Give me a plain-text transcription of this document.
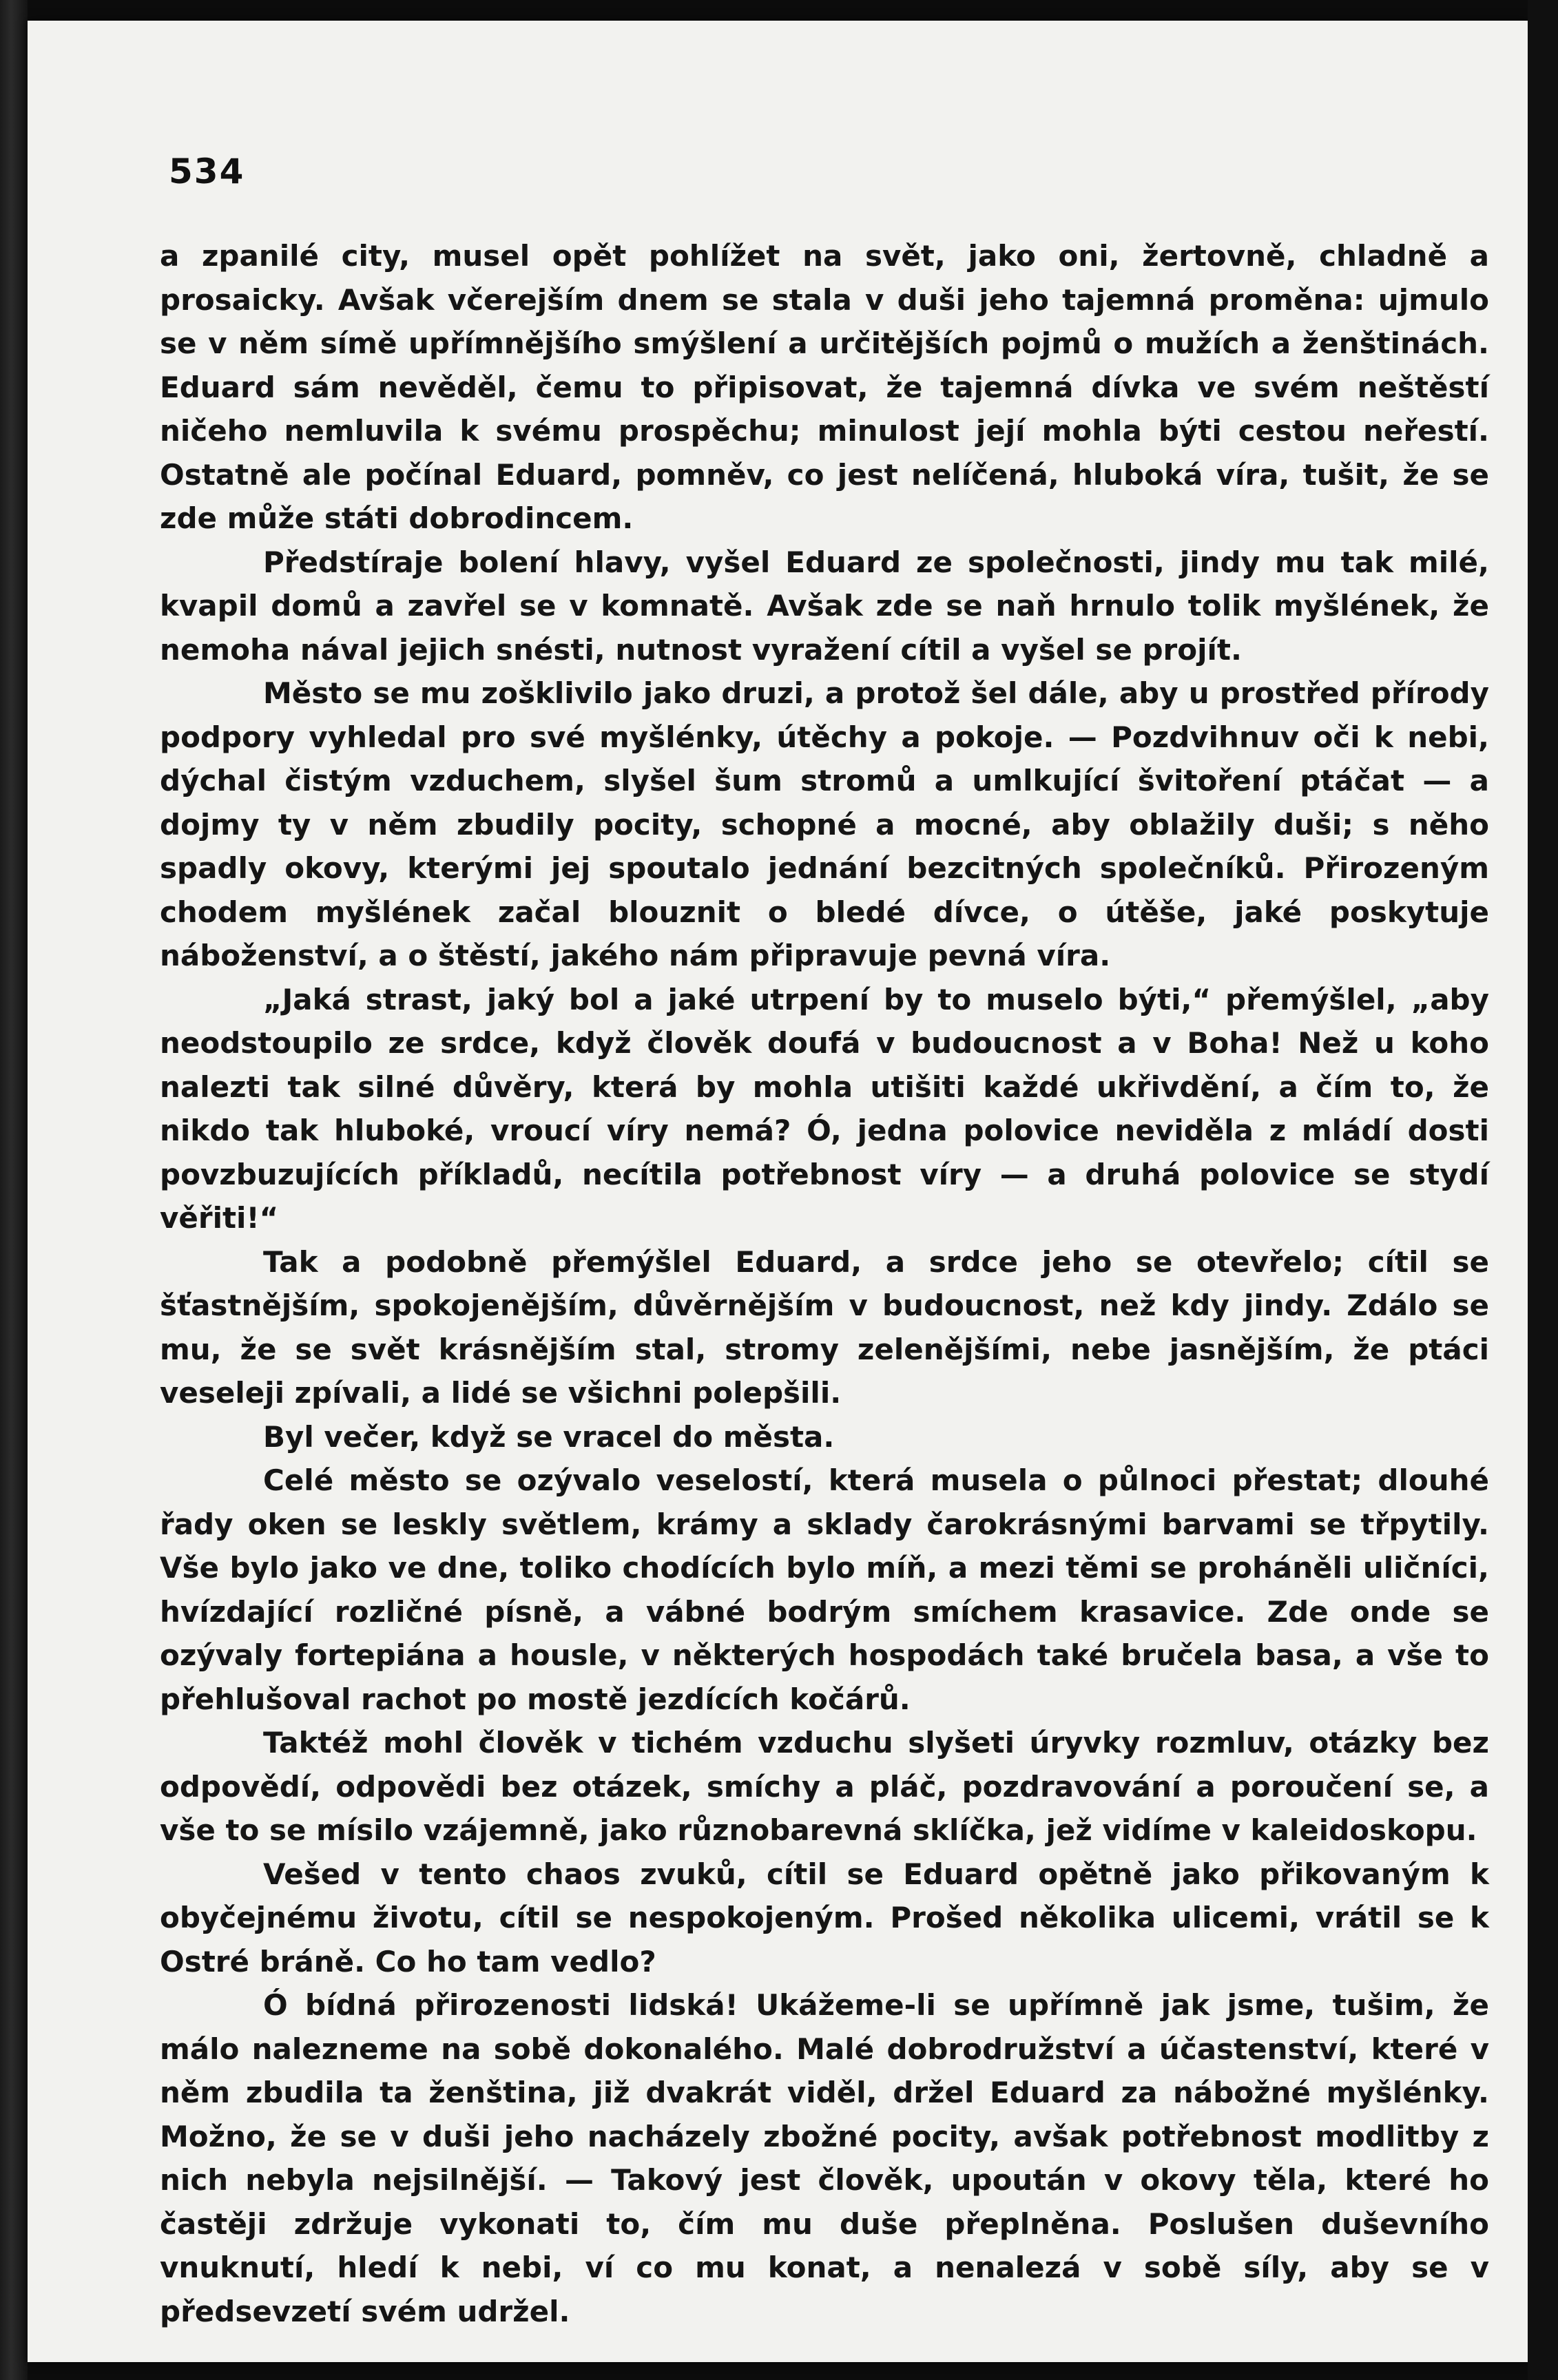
534

a zpanilé city, musel opět pohlížet na svět, jako oni, žertovně, chladně a prosaicky. Avšak včerejším dnem se stala v duši jeho tajemná proměna: ujmulo se v něm símě upřímnějšího smýšlení a určitějších pojmů o mužích a ženštinách. Eduard sám nevěděl, čemu to připisovat, že tajemná dívka ve svém neštěstí ničeho nemluvila k svému prospěchu; minulost její mohla býti cestou neřestí. Ostatně ale počínal Eduard, pomněv, co jest nelíčená, hluboká víra, tušit, že se zde může státi dobrodincem.

Předstíraje bolení hlavy, vyšel Eduard ze společnosti, jindy mu tak milé, kvapil domů a zavřel se v komnatě. Avšak zde se naň hrnulo tolik myšlének, že nemoha nával jejich snésti, nutnost vyražení cítil a vyšel se projít.

Město se mu zošklivilo jako druzi, a protož šel dále, aby u prostřed přírody podpory vyhledal pro své myšlénky, útěchy a pokoje. — Pozdvihnuv oči k nebi, dýchal čistým vzduchem, slyšel šum stromů a umlkující švitoření ptáčat — a dojmy ty v něm zbudily pocity, schopné a mocné, aby oblažily duši; s něho spadly okovy, kterými jej spoutalo jednání bezcitných společníků. Přirozeným chodem myšlének začal blouznit o bledé dívce, o útěše, jaké poskytuje náboženství, a o štěstí, jakého nám připravuje pevná víra.

„Jaká strast, jaký bol a jaké utrpení by to muselo býti,“ přemýšlel, „aby neodstoupilo ze srdce, když člověk doufá v budoucnost a v Boha! Než u koho nalezti tak silné důvěry, která by mohla utišiti každé ukřivdění, a čím to, že nikdo tak hluboké, vroucí víry nemá? Ó, jedna polovice neviděla z mládí dosti povzbuzujících příkladů, necítila potřebnost víry — a druhá polovice se stydí věřiti!“

Tak a podobně přemýšlel Eduard, a srdce jeho se otevřelo; cítil se šťastnějším, spokojenějším, důvěrnějším v budoucnost, než kdy jindy. Zdálo se mu, že se svět krásnějším stal, stromy zelenějšími, nebe jasnějším, že ptáci veseleji zpívali, a lidé se všichni polepšili.

Byl večer, když se vracel do města.

Celé město se ozývalo veselostí, která musela o půlnoci přestat; dlouhé řady oken se leskly světlem, krámy a sklady čarokrásnými barvami se třpytily. Vše bylo jako ve dne, toliko chodících bylo míň, a mezi těmi se proháněli uličníci, hvízdající rozličné písně, a vábné bodrým smíchem krasavice. Zde onde se ozývaly fortepiána a housle, v některých hospodách také bručela basa, a vše to přehlušoval rachot po mostě jezdících kočárů.

Taktéž mohl člověk v tichém vzduchu slyšeti úryvky rozmluv, otázky bez odpovědí, odpovědi bez otázek, smíchy a pláč, pozdravování a poroučení se, a vše to se mísilo vzájemně, jako různobarevná sklíčka, jež vidíme v kaleidoskopu.

Vešed v tento chaos zvuků, cítil se Eduard opětně jako přikovaným k obyčejnému životu, cítil se nespokojeným. Prošed několika ulicemi, vrátil se k Ostré bráně. Co ho tam vedlo?

Ó bídná přirozenosti lidská! Ukážeme-li se upřímně jak jsme, tušim, že málo nalezneme na sobě dokonalého. Malé dobrodružství a účastenství, které v něm zbudila ta ženština, již dvakrát viděl, držel Eduard za nábožné myšlénky. Možno, že se v duši jeho nacházely zbožné pocity, avšak potřebnost modlitby z nich nebyla nejsilnější. — Takový jest člověk, upoután v okovy těla, které ho častěji zdržuje vykonati to, čím mu duše přeplněna. Poslušen duševního vnuknutí, hledí k nebi, ví co mu konat, a nenalezá v sobě síly, aby se v předsevzetí svém udržel.
